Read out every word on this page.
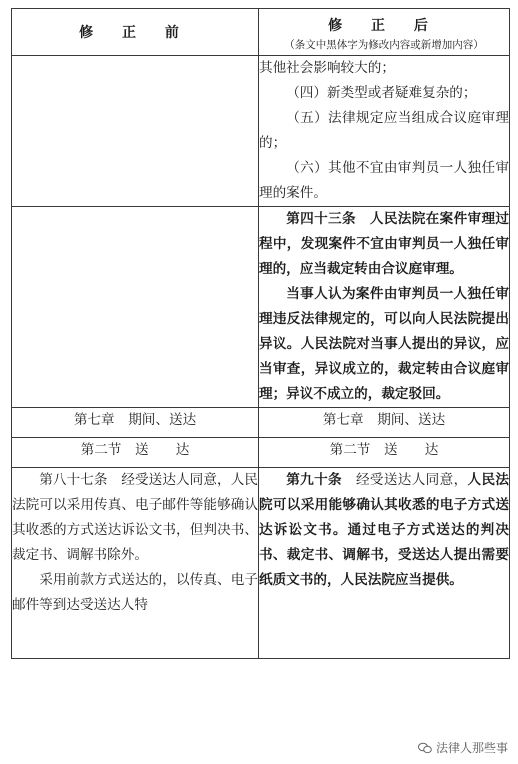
修 正 前	修 正 后
（条文中黑体字为修改内容或新增加内容）

	其他社会影响较大的；

（四）新类型或者疑难复杂的；

（五）法律规定应当组成合议庭审理的；

（六）其他不宜由审判员一人独任审理的案件。

	第四十三条　 人民法院在案件审理过程中，发现案件不宜由审判员一人独任审理的，应当裁定转由合议庭审理。

当事人认为案件由审判员一人独任审理违反法律规定的，可以向人民法院提出异议。人民法院对当事人提出的异议，应当审查，异议成立的，裁定转由合议庭审理；异议不成立的，裁定驳回。

第七章　期间、送达	第七章　期间、送达
第二节　送　　达	第二节　送　　达

第八十七条　经受送达人同意，人民法院可以采用传真、电子邮件等能够确认其收悉的方式送达诉讼文书，但判决书、裁定书、调解书除外。

采用前款方式送达的，以传真、电子邮件等到达受送达人特	第九十条　 经受送达人同意，人民法院可以采用能够确认其收悉的电子方式送达诉讼文书。通过电子方式送达的判决书、裁定书、调解书，受送达人提出需要纸质文书的，人民法院应当提供。

法律人那些事
